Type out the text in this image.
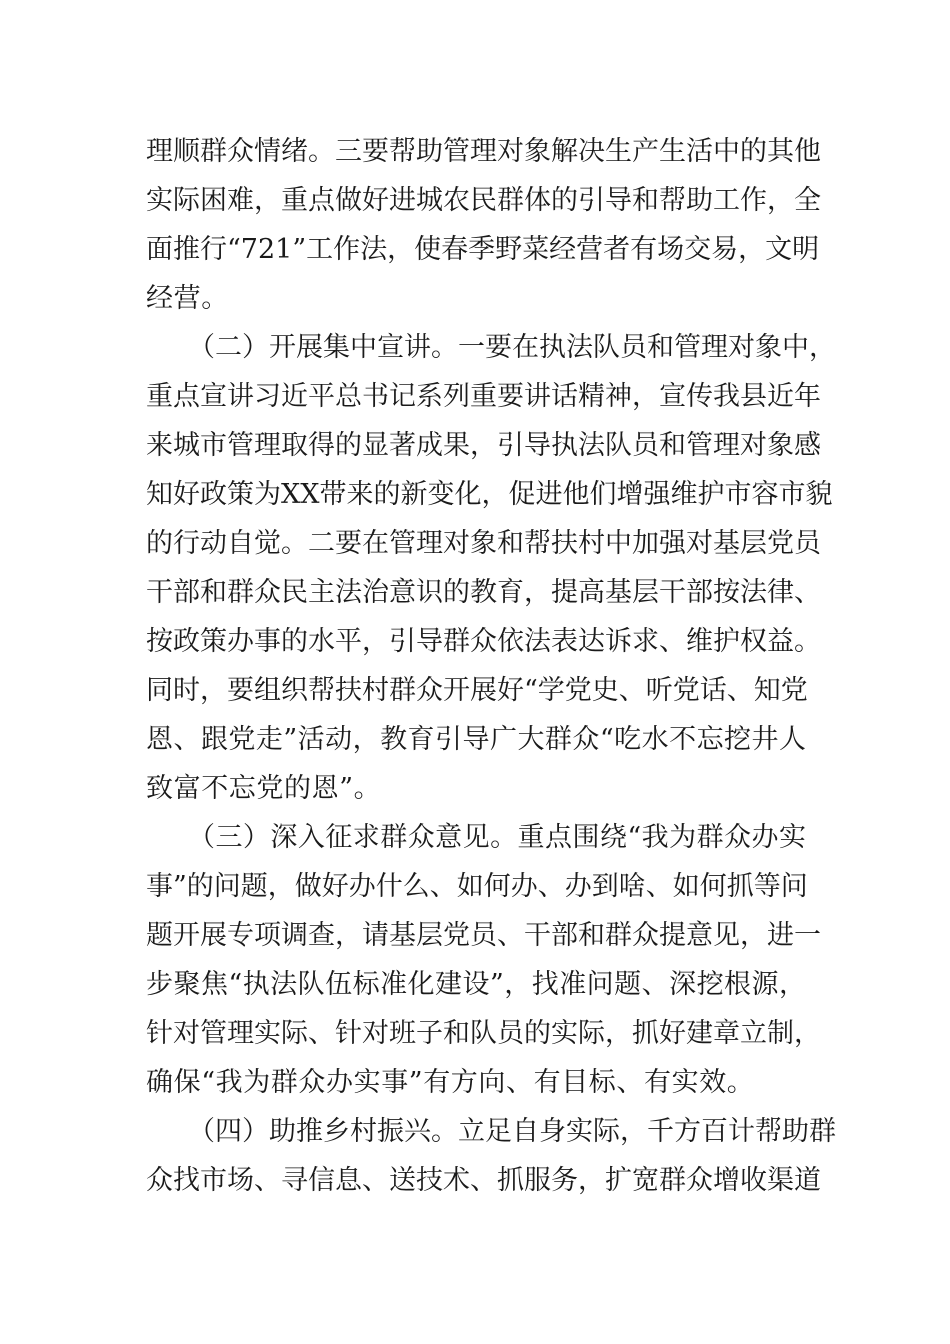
理顺群众情绪。三要帮助管理对象解决生产生活中的其他
实际困难，重点做好进城农民群体的引导和帮助工作，全
面推行“721”工作法，使春季野菜经营者有场交易，文明
经营。
（二）开展集中宣讲。一要在执法队员和管理对象中，
重点宣讲习近平总书记系列重要讲话精神，宣传我县近年
来城市管理取得的显著成果，引导执法队员和管理对象感
知好政策为XX带来的新变化，促进他们增强维护市容市貌
的行动自觉。二要在管理对象和帮扶村中加强对基层党员
干部和群众民主法治意识的教育，提高基层干部按法律、
按政策办事的水平，引导群众依法表达诉求、维护权益。
同时，要组织帮扶村群众开展好“学党史、听党话、知党
恩、跟党走”活动，教育引导广大群众“吃水不忘挖井人
致富不忘党的恩”。
（三）深入征求群众意见。重点围绕“我为群众办实
事”的问题，做好办什么、如何办、办到啥、如何抓等问
题开展专项调查，请基层党员、干部和群众提意见，进一
步聚焦“执法队伍标准化建设”，找准问题、深挖根源，
针对管理实际、针对班子和队员的实际，抓好建章立制，
确保“我为群众办实事”有方向、有目标、有实效。
（四）助推乡村振兴。立足自身实际，千方百计帮助群
众找市场、寻信息、送技术、抓服务，扩宽群众增收渠道
